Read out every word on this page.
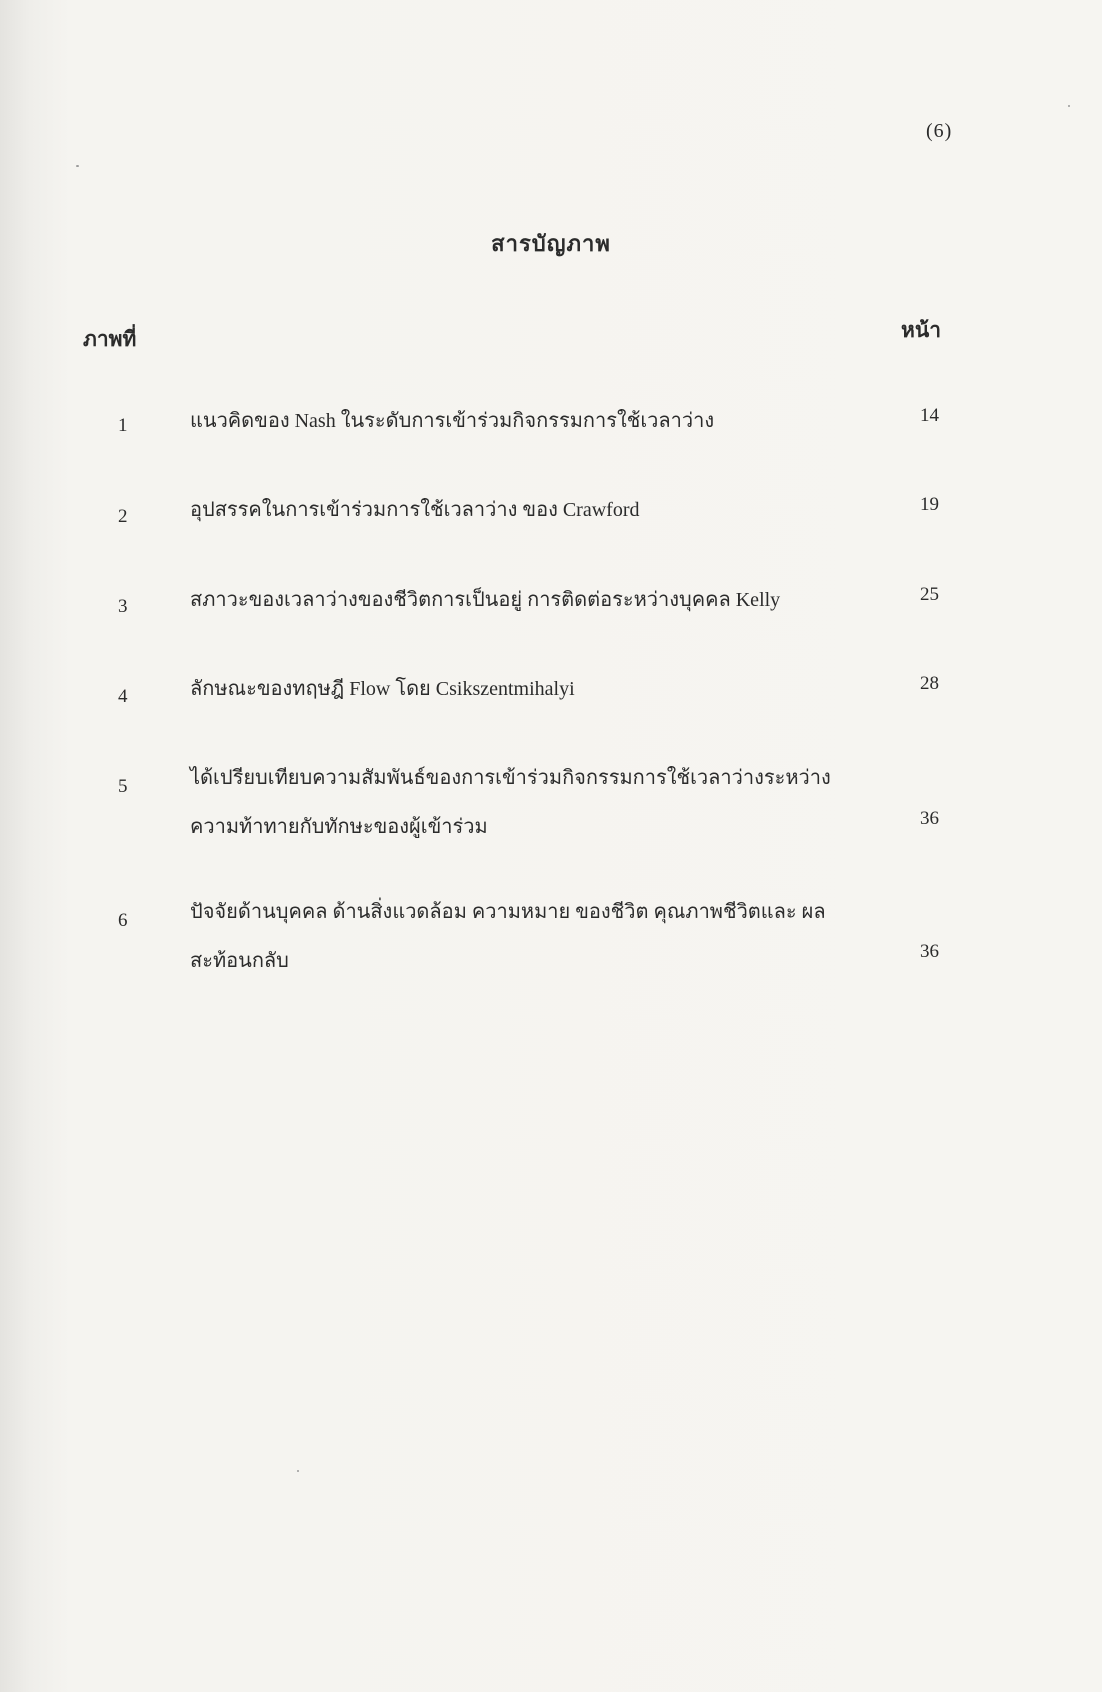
(6)
สารบัญภาพ
ภาพที่	หน้า
1	แนวคิดของ Nash ในระดับการเข้าร่วมกิจกรรมการใช้เวลาว่าง	14
2	อุปสรรคในการเข้าร่วมการใช้เวลาว่าง ของ Crawford	19
3	สภาวะของเวลาว่างของชีวิตการเป็นอยู่ การติดต่อระหว่างบุคคล Kelly	25
4	ลักษณะของทฤษฎี Flow โดย Csikszentmihalyi	28
5	ได้เปรียบเทียบความสัมพันธ์ของการเข้าร่วมกิจกรรมการใช้เวลาว่างระหว่าง
ความท้าทายกับทักษะของผู้เข้าร่วม	36
6	ปัจจัยด้านบุคคล ด้านสิ่งแวดล้อม ความหมาย ของชีวิต คุณภาพชีวิตและ ผล
สะท้อนกลับ	36
